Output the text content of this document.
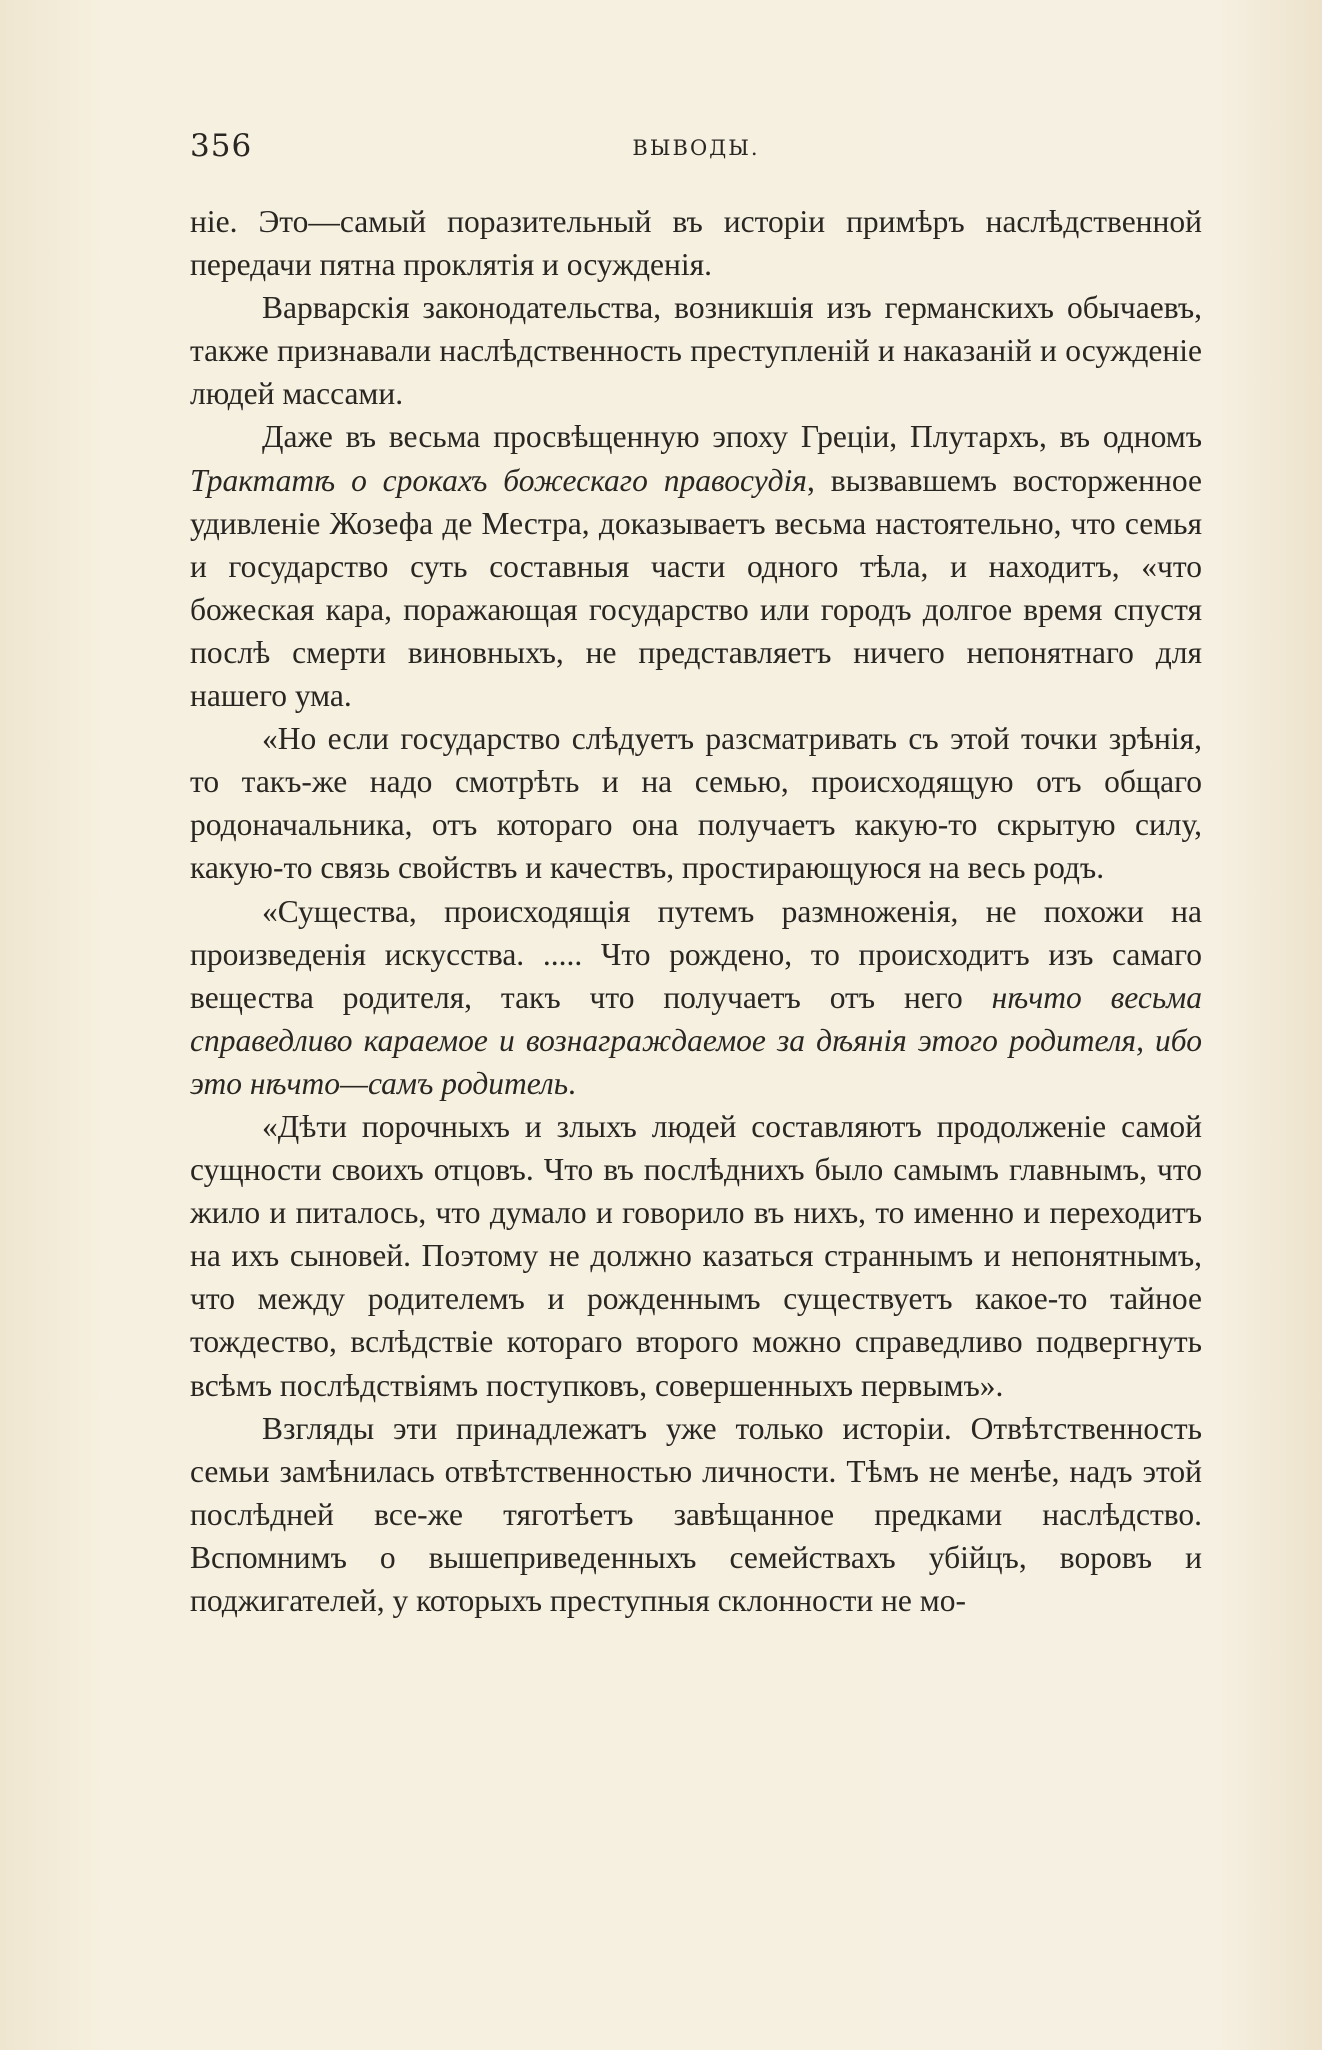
356	ВЫВОДЫ.

ніе. Это—самый поразительный въ исторіи примѣръ наслѣдственной передачи пятна проклятія и осужденія.

Варварскія законодательства, возникшія изъ германскихъ обычаевъ, также признавали наслѣдственность преступленій и наказаній и осужденіе людей массами.

Даже въ весьма просвѣщенную эпоху Греціи, Плутархъ, въ одномъ Трактатѣ о срокахъ божескаго правосудія, вызвавшемъ восторженное удивленіе Жозефа де Местра, доказываетъ весьма настоятельно, что семья и государство суть составныя части одного тѣла, и находитъ, «что божеская кара, поражающая государство или городъ долгое время спустя послѣ смерти виновныхъ, не представляетъ ничего непонятнаго для нашего ума.

«Но если государство слѣдуетъ разсматривать съ этой точки зрѣнія, то такъ-же надо смотрѣть и на семью, происходящую отъ общаго родоначальника, отъ котораго она получаетъ какую-то скрытую силу, какую-то связь свойствъ и качествъ, простирающуюся на весь родъ.

«Существа, происходящія путемъ размноженія, не похожи на произведенія искусства. ..... Что рождено, то происходитъ изъ самаго вещества родителя, такъ что получаетъ отъ него нѣчто весьма справедливо караемое и вознаграждаемое за дѣянія этого родителя, ибо это нѣчто—самъ родитель.

«Дѣти порочныхъ и злыхъ людей составляютъ продолженіе самой сущности своихъ отцовъ. Что въ послѣднихъ было самымъ главнымъ, что жило и питалось, что думало и говорило въ нихъ, то именно и переходитъ на ихъ сыновей. Поэтому не должно казаться страннымъ и непонятнымъ, что между родителемъ и рожденнымъ существуетъ какое-то тайное тождество, вслѣдствіе котораго второго можно справедливо подвергнуть всѣмъ послѣдствіямъ поступковъ, совершенныхъ первымъ».

Взгляды эти принадлежатъ уже только исторіи. Отвѣтственность семьи замѣнилась отвѣтственностью личности. Тѣмъ не менѣе, надъ этой послѣдней все-же тяготѣетъ завѣщанное предками наслѣдство. Вспомнимъ о вышеприведенныхъ семействахъ убійцъ, воровъ и поджигателей, у которыхъ преступныя склонности не мо-
